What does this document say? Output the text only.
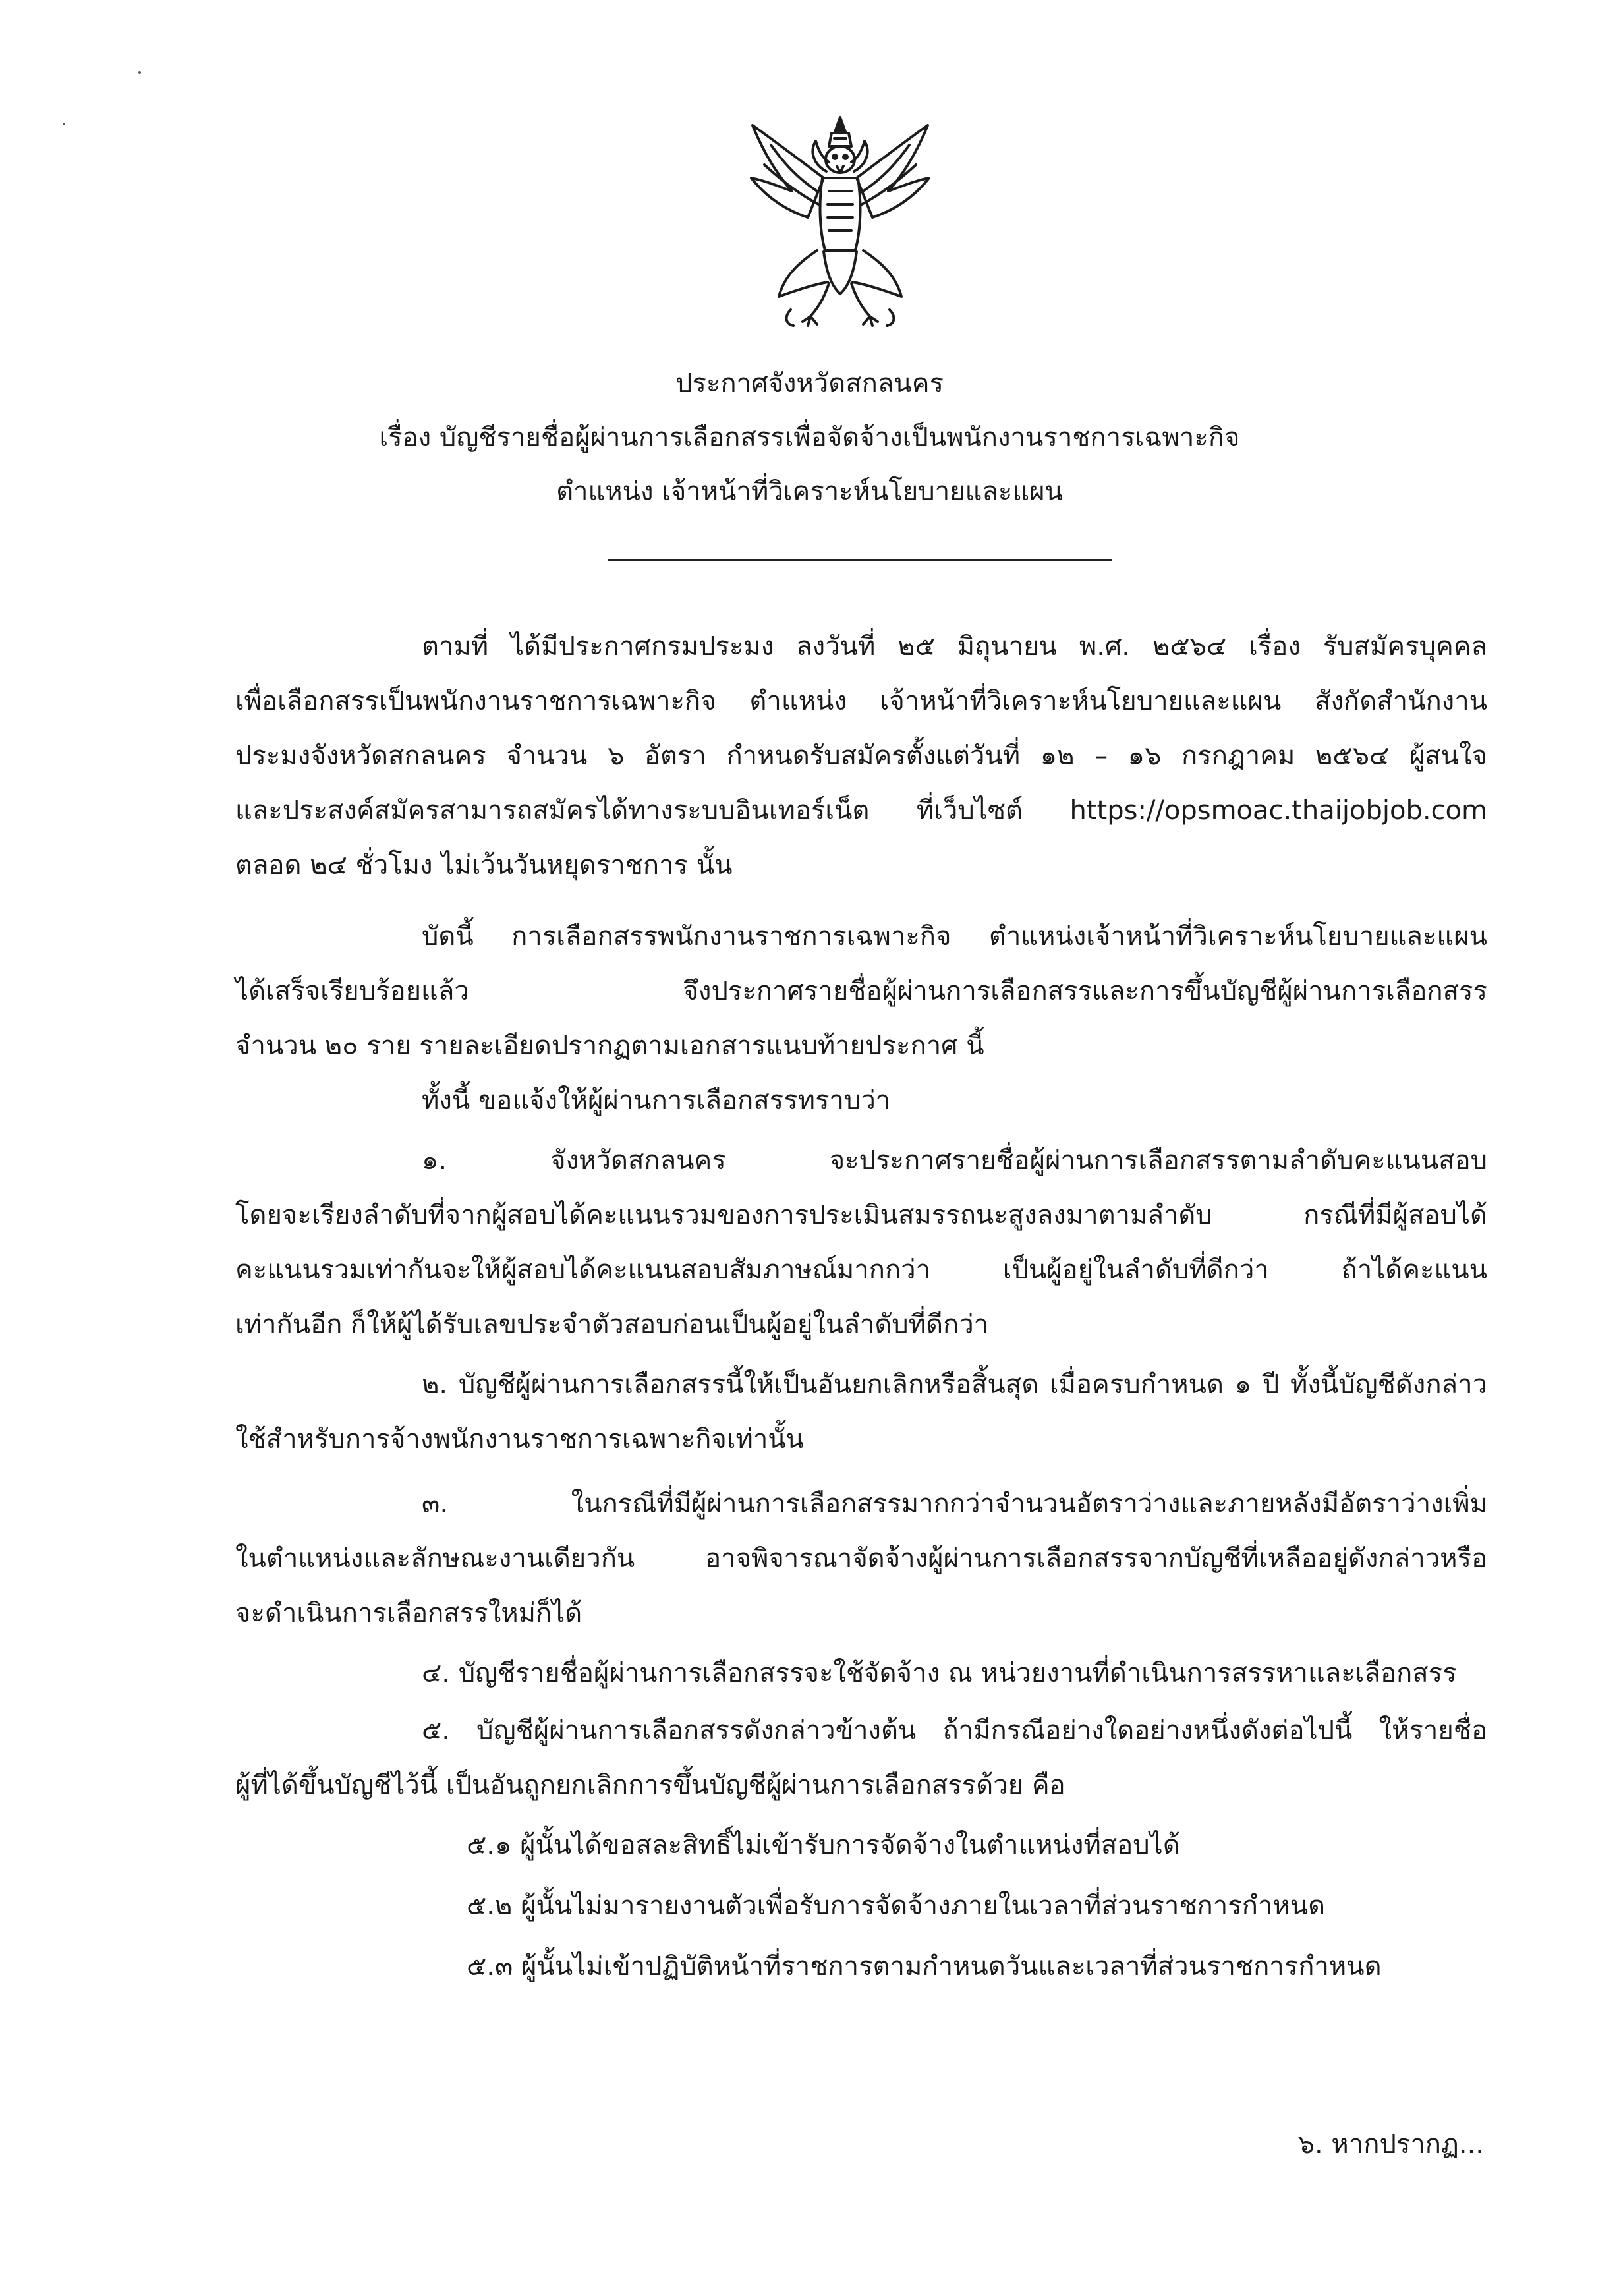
ประกาศจังหวัดสกลนคร
เรื่อง บัญชีรายชื่อผู้ผ่านการเลือกสรรเพื่อจัดจ้างเป็นพนักงานราชการเฉพาะกิจ
ตำแหน่ง เจ้าหน้าที่วิเคราะห์นโยบายและแผน
ตามที่ ได้มีประกาศกรมประมง ลงวันที่ ๒๕ มิถุนายน พ.ศ. ๒๕๖๔ เรื่อง รับสมัครบุคคล
เพื่อเลือกสรรเป็นพนักงานราชการเฉพาะกิจ ตำแหน่ง เจ้าหน้าที่วิเคราะห์นโยบายและแผน สังกัดสำนักงาน
ประมงจังหวัดสกลนคร จำนวน ๖ อัตรา กำหนดรับสมัครตั้งแต่วันที่ ๑๒ – ๑๖ กรกฎาคม ๒๕๖๔ ผู้สนใจ
และประสงค์สมัครสามารถสมัครได้ทางระบบอินเทอร์เน็ต ที่เว็บไซต์ https://opsmoac.thaijobjob.com
ตลอด ๒๔ ชั่วโมง ไม่เว้นวันหยุดราชการ นั้น
บัดนี้ การเลือกสรรพนักงานราชการเฉพาะกิจ ตำแหน่งเจ้าหน้าที่วิเคราะห์นโยบายและแผน
ได้เสร็จเรียบร้อยแล้ว จึงประกาศรายชื่อผู้ผ่านการเลือกสรรและการขึ้นบัญชีผู้ผ่านการเลือกสรร
จำนวน ๒๐ ราย รายละเอียดปรากฏตามเอกสารแนบท้ายประกาศ นี้
ทั้งนี้ ขอแจ้งให้ผู้ผ่านการเลือกสรรทราบว่า
๑. จังหวัดสกลนคร จะประกาศรายชื่อผู้ผ่านการเลือกสรรตามลำดับคะแนนสอบ
โดยจะเรียงลำดับที่จากผู้สอบได้คะแนนรวมของการประเมินสมรรถนะสูงลงมาตามลำดับ กรณีที่มีผู้สอบได้
คะแนนรวมเท่ากันจะให้ผู้สอบได้คะแนนสอบสัมภาษณ์มากกว่า เป็นผู้อยู่ในลำดับที่ดีกว่า ถ้าได้คะแนน
เท่ากันอีก ก็ให้ผู้ได้รับเลขประจำตัวสอบก่อนเป็นผู้อยู่ในลำดับที่ดีกว่า
๒. บัญชีผู้ผ่านการเลือกสรรนี้ให้เป็นอันยกเลิกหรือสิ้นสุด เมื่อครบกำหนด ๑ ปี ทั้งนี้บัญชีดังกล่าว
ใช้สำหรับการจ้างพนักงานราชการเฉพาะกิจเท่านั้น
๓. ในกรณีที่มีผู้ผ่านการเลือกสรรมากกว่าจำนวนอัตราว่างและภายหลังมีอัตราว่างเพิ่ม
ในตำแหน่งและลักษณะงานเดียวกัน อาจพิจารณาจัดจ้างผู้ผ่านการเลือกสรรจากบัญชีที่เหลืออยู่ดังกล่าวหรือ
จะดำเนินการเลือกสรรใหม่ก็ได้
๔. บัญชีรายชื่อผู้ผ่านการเลือกสรรจะใช้จัดจ้าง ณ หน่วยงานที่ดำเนินการสรรหาและเลือกสรร
๕. บัญชีผู้ผ่านการเลือกสรรดังกล่าวข้างต้น ถ้ามีกรณีอย่างใดอย่างหนึ่งดังต่อไปนี้ ให้รายชื่อ
ผู้ที่ได้ขึ้นบัญชีไว้นี้ เป็นอันถูกยกเลิกการขึ้นบัญชีผู้ผ่านการเลือกสรรด้วย คือ
๕.๑ ผู้นั้นได้ขอสละสิทธิ์ไม่เข้ารับการจัดจ้างในตำแหน่งที่สอบได้
๕.๒ ผู้นั้นไม่มารายงานตัวเพื่อรับการจัดจ้างภายในเวลาที่ส่วนราชการกำหนด
๕.๓ ผู้นั้นไม่เข้าปฏิบัติหน้าที่ราชการตามกำหนดวันและเวลาที่ส่วนราชการกำหนด
๖. หากปรากฏ...
